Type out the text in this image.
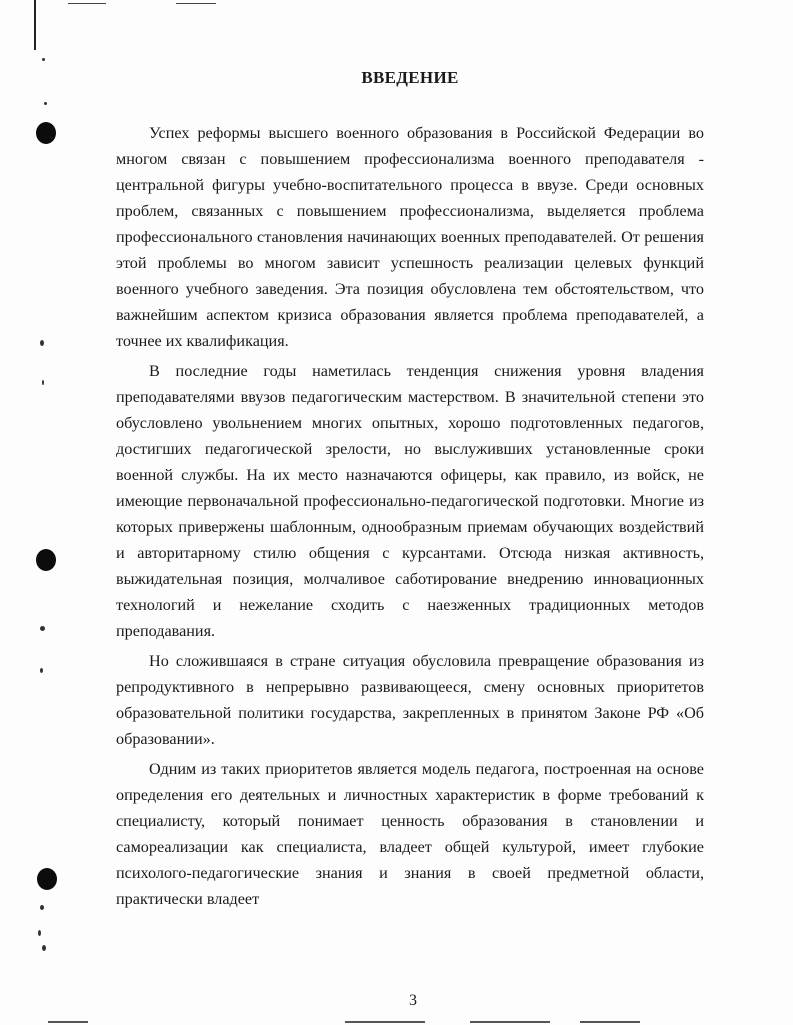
ВВЕДЕНИЕ

Успех реформы высшего военного образования в Российской Федерации во многом связан с повышением профессионализма военного преподавателя - центральной фигуры учебно-воспитательного процесса в ввузе. Среди основных проблем, связанных с повышением профессионализма, выделяется проблема профессионального становления начинающих военных преподавателей. От решения этой проблемы во многом зависит успешность реализации целевых функций военного учебного заведения. Эта позиция обусловлена тем обстоятельством, что важнейшим аспектом кризиса образования является проблема преподавателей, а точнее их квалификация.

В последние годы наметилась тенденция снижения уровня владения преподавателями ввузов педагогическим мастерством. В значительной степени это обусловлено увольнением многих опытных, хорошо подготовленных педагогов, достигших педагогической зрелости, но выслуживших установленные сроки военной службы. На их место назначаются офицеры, как правило, из войск, не имеющие первоначальной профессионально-педагогической подготовки. Многие из которых привержены шаблонным, однообразным приемам обучающих воздействий и авторитарному стилю общения с курсантами. Отсюда низкая активность, выжидательная позиция, молчаливое саботирование внедрению инновационных технологий и нежелание сходить с наезженных традиционных методов преподавания.

Но сложившаяся в стране ситуация обусловила превращение образования из репродуктивного в непрерывно развивающееся, смену основных приоритетов образовательной политики государства, закрепленных в принятом Законе РФ «Об образовании».

Одним из таких приоритетов является модель педагога, построенная на основе определения его деятельных и личностных характеристик в форме требований к специалисту, который понимает ценность образования в становлении и самореализации как специалиста, владеет общей культурой, имеет глубокие психолого-педагогические знания и знания в своей предметной области, практически владеет

3
